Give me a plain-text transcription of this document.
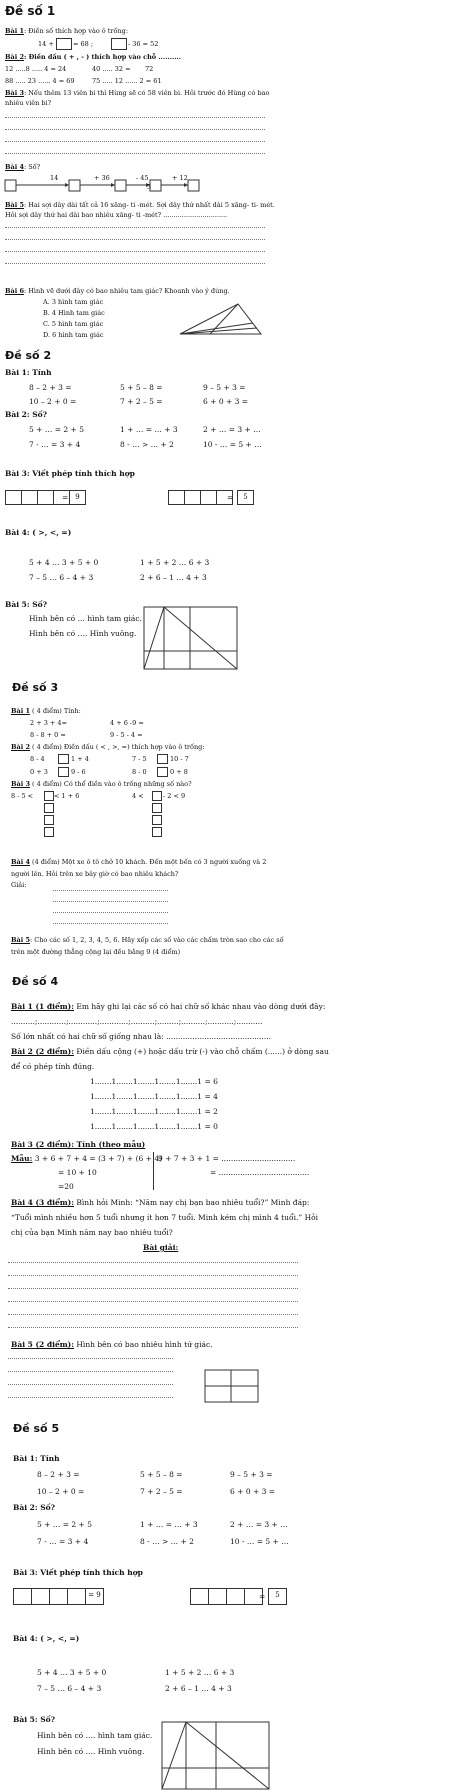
Đề số 1
Bài 1: Điền số thích hợp vào ô trống:
14 +	= 68 ;	- 36 = 52
Bài 2: Điền dấu ( + , - ) thích hợp vào chỗ ..........
12 .....8 ..... 4 = 24	40 ..... 32 = 72
88 ..... 23 ...... 4 = 69	75 ..... 12 ...... 2 = 61
Bài 3: Nếu thêm 13 viên bi thì Hùng sẽ có 58 viên bi. Hỏi trước đó Hùng có bao
nhiêu viên bi?
Bài 4: Số?
14	+ 36	- 45	+ 12
3
Bài 5: Hai sợi dây dài tất cả 16 xăng- ti -mét. Sợi dây thứ nhất dài 5 xăng- ti- mét.
Hỏi sợi dây thứ hai dài bao nhiêu xăng- ti -mét? ...............................
Bài 6: Hình vẽ dưới đây có bao nhiêu tam giác? Khoanh vào ý đúng.
A. 3 hình tam giác
B. 4 Hình tam giác
C. 5 hình tam giác
D. 6 hình tam giác
Đề số 2
Bài 1: Tính
8 – 2 + 3 =	5 + 5 – 8 =	9 – 5 + 3 =
10 – 2 + 0 =	7 + 2 – 5 =	6 + 0 + 3 =
Bài 2: Số?
5 + … = 2 + 5	1 + … = … + 3	2 + … = 3 + …
7 - … = 3 + 4	8 - … > … + 2	10 - … = 5 + …
Bài 3: Viết phép tính thích hợp
9
=	5
=
Bài 4: ( >, <, =)
5 + 4 … 3 + 5 + 0	1 + 5 + 2 … 6 + 3
7 – 5 … 6 – 4 + 3	2 + 6 – 1 … 4 + 3
Bài 5: Số?
Hình bên có … hình tam giác.
Hình bên có …. Hình vuông.
Đề số 3
Bài 1 ( 4 điểm) Tính:
2 + 3 + 4=	4 + 6 -9 =
8 - 8 + 0 =	9 - 5 - 4 =
Bài 2 ( 4 điểm) Điền dấu ( < , >, =) thích hợp vào ô trống:
8 - 4	1 + 4	7 - 5	10 - 7
0 + 3	9 - 6	8 - 0	0 + 8
Bài 3 ( 4 điểm) Có thể điền vào ô trống những số nào?
8 - 5 <	< 1 + 6	4 <	- 2 < 9
Bài 4 (4 điểm) Một xe ô tô chở 10 khách. Đến một bến có 3 người xuống và 2
người lên. Hỏi trên xe bây giờ có bao nhiêu khách?
Giải:
Bài 5: Cho các số 1, 2, 3, 4, 5, 6. Hãy xếp các số vào các chấm tròn sao cho các số
trên một đường thẳng cộng lại đều bằng 9 (4 điểm)
Đề số 4
Bài 1 (1 điểm): Em hãy ghi lại các số có hai chữ số khác nhau vào dòng dưới đây:
..........;............;............;............;..........;.........;..........;...........;...........
Số lớn nhất có hai chữ số giống nhau là: ............................................
Bài 2 (2 điểm): Điền dấu cộng (+) hoặc dấu trừ (-) vào chỗ chấm (......) ở dòng sau
để có phép tính đúng.
1.......1.......1.......1.......1.......1 = 6
1.......1.......1.......1.......1.......1 = 4
1.......1.......1.......1.......1.......1 = 2
1.......1.......1.......1.......1.......1 = 0
Bài 3 (2 điểm): Tính (theo mẫu)
Mẫu: 3 + 6 + 7 + 4 = (3 + 7) + (6 + 4)
= 10 + 10
=20
9 + 7 + 3 + 1 = ...............................
= ......................................
Bài 4 (3 điểm): Bình hỏi Minh: “Năm nay chị bạn bao nhiêu tuổi?” Minh đáp:
“Tuổi mình nhiều hơn 5 tuổi nhưng ít hơn 7 tuổi. Minh kém chị mình 4 tuổi.” Hỏi
chị của bạn Minh năm nay bao nhiêu tuổi?
Bài giải:
Bài 5 (2 điểm): Hình bên có bao nhiêu hình tứ giác.
Đề số 5
Bài 1: Tính
8 – 2 + 3 =	5 + 5 – 8 =	9 – 5 + 3 =
10 – 2 + 0 =	7 + 2 – 5 =	6 + 0 + 3 =
Bài 2: Số?
5 + … = 2 + 5	1 + … = … + 3	2 + … = 3 + …
7 - … = 3 + 4	8 - … > … + 2	10 - … = 5 + …
Bài 3: Viết phép tính thích hợp
= 9	5
=
Bài 4: ( >, <, =)
5 + 4 … 3 + 5 + 0	1 + 5 + 2 … 6 + 3
7 – 5 … 6 – 4 + 3	2 + 6 – 1 … 4 + 3
Bài 5: Số?
Hình bên có …. hình tam giác.
Hình bên có …. Hình vuông.
